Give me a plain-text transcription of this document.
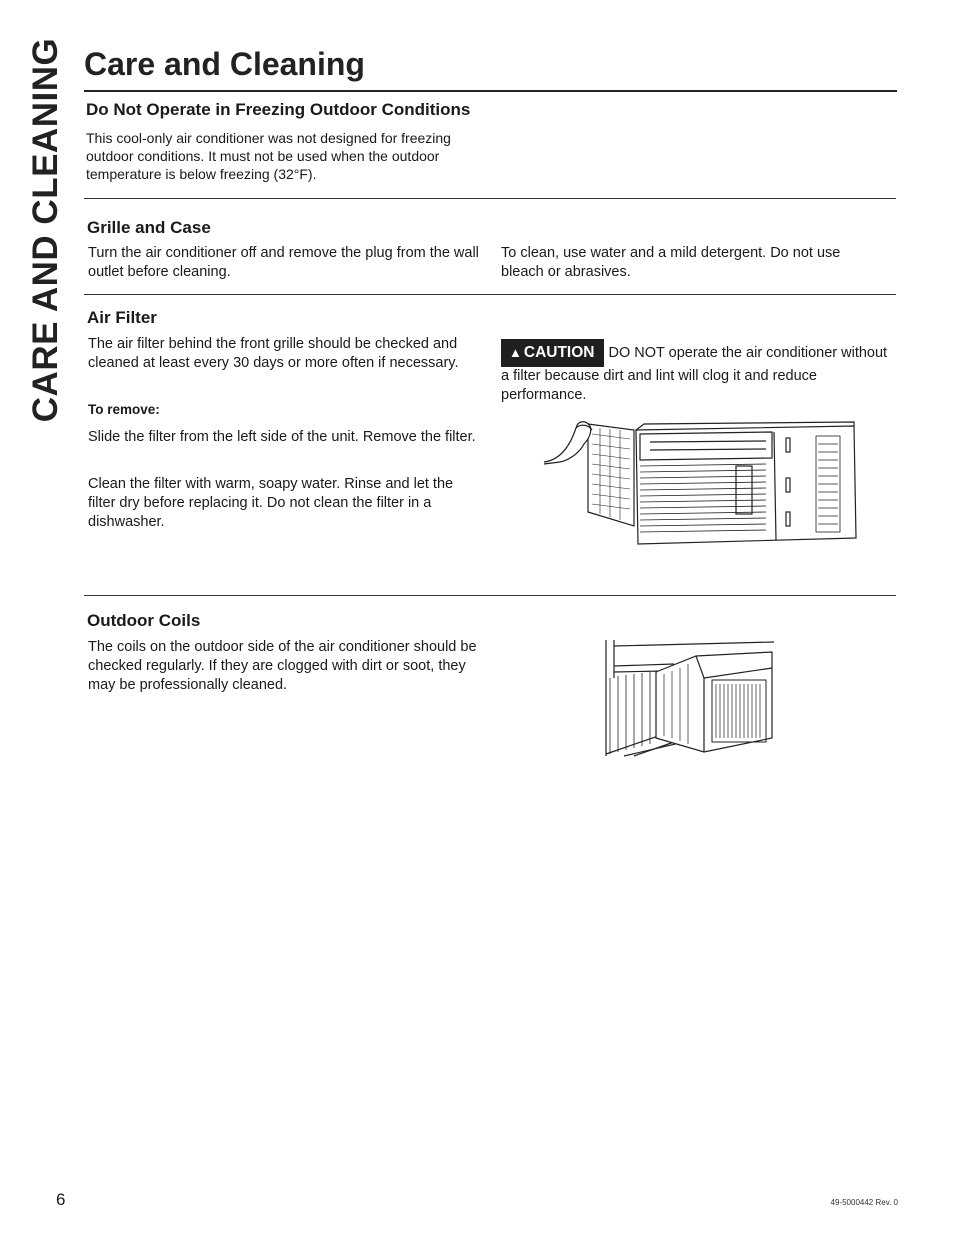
CARE AND CLEANING Care and Cleaning
Do Not Operate in Freezing Outdoor Conditions

This cool-only air conditioner was not designed for freezing outdoor conditions. It must not be used when the outdoor temperature is below freezing (32°F).

Grille and Case

Turn the air conditioner off and remove the plug from the wall outlet before cleaning.

To clean, use water and a mild detergent. Do not use bleach or abrasives.

Air Filter

The air filter behind the front grille should be checked and cleaned at least every 30 days or more often if necessary.

To remove:

Slide the filter from the left side of the unit. Remove the filter.

Clean the filter with warm, soapy water. Rinse and let the filter dry before replacing it. Do not clean the filter in a dishwasher.

▲ CAUTION DO NOT operate the air conditioner without a filter because dirt and lint will clog it and reduce performance.

Outdoor Coils

The coils on the outdoor side of the air conditioner should be checked regularly. If they are clogged with dirt or soot, they may be professionally cleaned.

6	49-5000442 Rev. 0
